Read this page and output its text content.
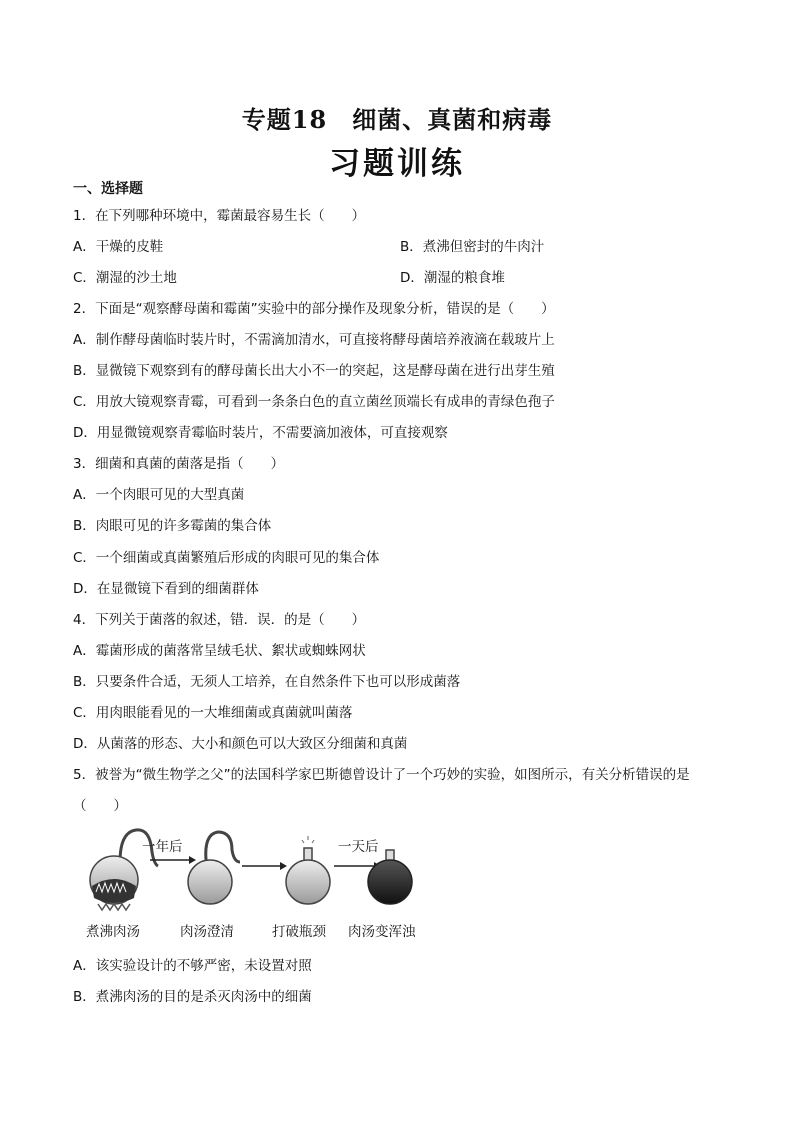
专题18　细菌、真菌和病毒
习题训练
一、选择题
1．在下列哪种环境中，霉菌最容易生长（　　）
A．干燥的皮鞋	B．煮沸但密封的牛肉汁
C．潮湿的沙土地	D．潮湿的粮食堆
2．下面是“观察酵母菌和霉菌”实验中的部分操作及现象分析，错误的是（　　）
A．制作酵母菌临时装片时，不需滴加清水，可直接将酵母菌培养液滴在载玻片上
B．显微镜下观察到有的酵母菌长出大小不一的突起，这是酵母菌在进行出芽生殖
C．用放大镜观察青霉，可看到一条条白色的直立菌丝顶端长有成串的青绿色孢子
D．用显微镜观察青霉临时装片，不需要滴加液体，可直接观察
3．细菌和真菌的菌落是指（　　）
A．一个肉眼可见的大型真菌
B．肉眼可见的许多霉菌的集合体
C．一个细菌或真菌繁殖后形成的肉眼可见的集合体
D．在显微镜下看到的细菌群体
4．下列关于菌落的叙述，错．误．的是（　　）
A．霉菌形成的菌落常呈绒毛状、絮状或蜘蛛网状
B．只要条件合适，无须人工培养，在自然条件下也可以形成菌落
C．用肉眼能看见的一大堆细菌或真菌就叫菌落
D．从菌落的形态、大小和颜色可以大致区分细菌和真菌
5．被誉为“微生物学之父”的法国科学家巴斯德曾设计了一个巧妙的实验，如图所示，有关分析错误的是
（　　）
一年后	一天后
煮沸肉汤	肉汤澄清	打破瓶颈 肉汤变浑浊
A．该实验设计的不够严密，未设置对照
B．煮沸肉汤的目的是杀灭肉汤中的细菌
